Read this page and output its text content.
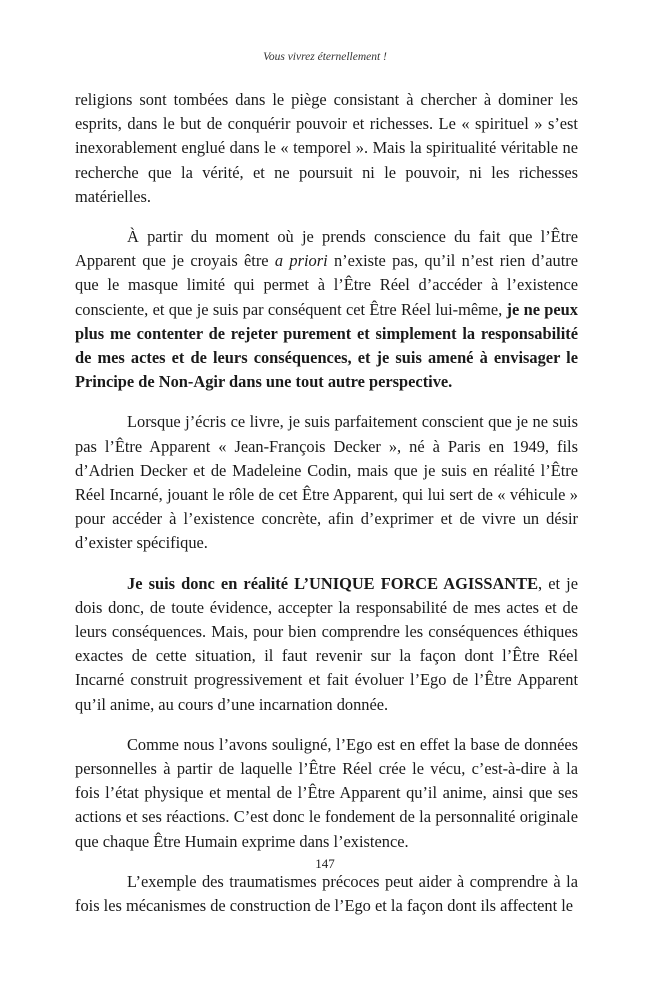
Vous vivrez éternellement !

religions sont tombées dans le piège consistant à chercher à dominer les esprits, dans le but de conquérir pouvoir et richesses. Le « spirituel » s’est inexorablement englué dans le « temporel ». Mais la spiritualité véritable ne recherche que la vérité, et ne poursuit ni le pouvoir, ni les richesses matérielles.

À partir du moment où je prends conscience du fait que l’Être Apparent que je croyais être a priori n’existe pas, qu’il n’est rien d’autre que le masque limité qui permet à l’Être Réel d’accéder à l’existence consciente, et que je suis par conséquent cet Être Réel lui-même, je ne peux plus me contenter de rejeter purement et simplement la responsabilité de mes actes et de leurs conséquences, et je suis amené à envisager le Principe de Non-Agir dans une tout autre perspective.

Lorsque j’écris ce livre, je suis parfaitement conscient que je ne suis pas l’Être Apparent « Jean-François Decker », né à Paris en 1949, fils d’Adrien Decker et de Madeleine Codin, mais que je suis en réalité l’Être Réel Incarné, jouant le rôle de cet Être Apparent, qui lui sert de « véhicule » pour accéder à l’existence concrète, afin d’exprimer et de vivre un désir d’exister spécifique.

Je suis donc en réalité L’UNIQUE FORCE AGISSANTE, et je dois donc, de toute évidence, accepter la responsabilité de mes actes et de leurs conséquences. Mais, pour bien comprendre les conséquences éthiques exactes de cette situation, il faut revenir sur la façon dont l’Être Réel Incarné construit progressivement et fait évoluer l’Ego de l’Être Apparent qu’il anime, au cours d’une incarnation donnée.

Comme nous l’avons souligné, l’Ego est en effet la base de données personnelles à partir de laquelle l’Être Réel crée le vécu, c’est-à-dire à la fois l’état physique et mental de l’Être Apparent qu’il anime, ainsi que ses actions et ses réactions. C’est donc le fondement de la personnalité originale que chaque Être Humain exprime dans l’existence.

L’exemple des traumatismes précoces peut aider à comprendre à la fois les mécanismes de construction de l’Ego et la façon dont ils affectent le

147
